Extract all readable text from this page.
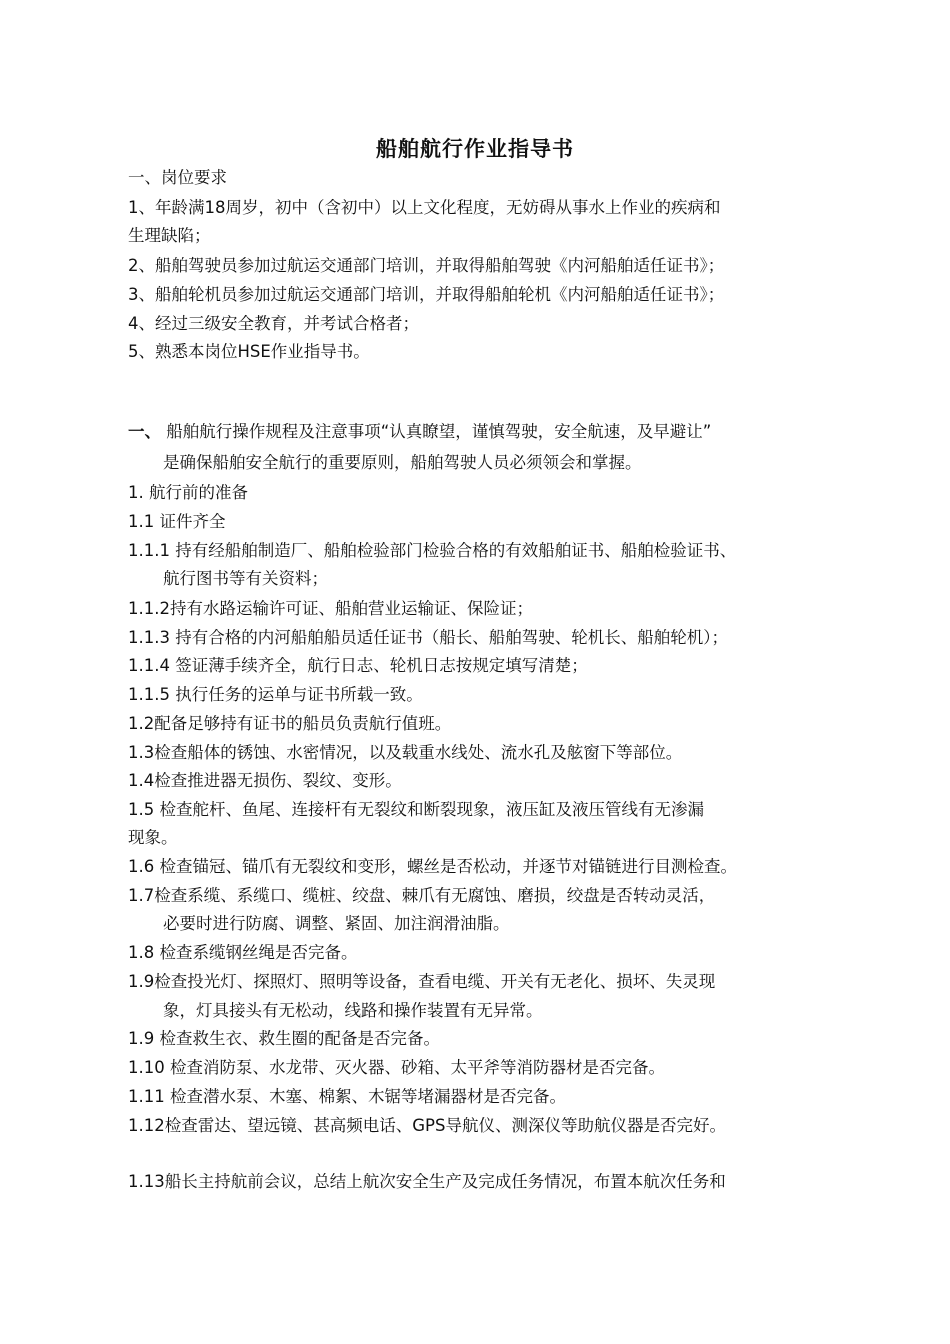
船舶航行作业指导书
一、岗位要求
1、年龄满18周岁，初中（含初中）以上文化程度，无妨碍从事水上作业的疾病和
生理缺陷；
2、船舶驾驶员参加过航运交通部门培训，并取得船舶驾驶《内河船舶适任证书》；
3、船舶轮机员参加过航运交通部门培训，并取得船舶轮机《内河船舶适任证书》；
4、经过三级安全教育，并考试合格者；
5、熟悉本岗位HSE作业指导书。
一、 船舶航行操作规程及注意事项“认真瞭望，谨慎驾驶，安全航速，及早避让”
是确保船舶安全航行的重要原则，船舶驾驶人员必须领会和掌握。
1. 航行前的准备
1.1 证件齐全
1.1.1 持有经船舶制造厂、船舶检验部门检验合格的有效船舶证书、船舶检验证书、
航行图书等有关资料；
1.1.2持有水路运输许可证、船舶营业运输证、保险证；
1.1.3 持有合格的内河船舶船员适任证书（船长、船舶驾驶、轮机长、船舶轮机）；
1.1.4 签证薄手续齐全，航行日志、轮机日志按规定填写清楚；
1.1.5 执行任务的运单与证书所载一致。
1.2配备足够持有证书的船员负责航行值班。
1.3检查船体的锈蚀、水密情况，以及载重水线处、流水孔及舷窗下等部位。
1.4检查推进器无损伤、裂纹、变形。
1.5 检查舵杆、鱼尾、连接杆有无裂纹和断裂现象，液压缸及液压管线有无渗漏
现象。
1.6 检查锚冠、锚爪有无裂纹和变形，螺丝是否松动，并逐节对锚链进行目测检查。
1.7检查系缆、系缆口、缆桩、绞盘、棘爪有无腐蚀、磨损，绞盘是否转动灵活，
必要时进行防腐、调整、紧固、加注润滑油脂。
1.8 检查系缆钢丝绳是否完备。
1.9检查投光灯、探照灯、照明等设备，查看电缆、开关有无老化、损坏、失灵现
象，灯具接头有无松动，线路和操作装置有无异常。
1.9 检查救生衣、救生圈的配备是否完备。
1.10 检查消防泵、水龙带、灭火器、砂箱、太平斧等消防器材是否完备。
1.11 检查潜水泵、木塞、棉絮、木锯等堵漏器材是否完备。
1.12检查雷达、望远镜、甚高频电话、GPS导航仪、测深仪等助航仪器是否完好。
1.13船长主持航前会议，总结上航次安全生产及完成任务情况，布置本航次任务和
